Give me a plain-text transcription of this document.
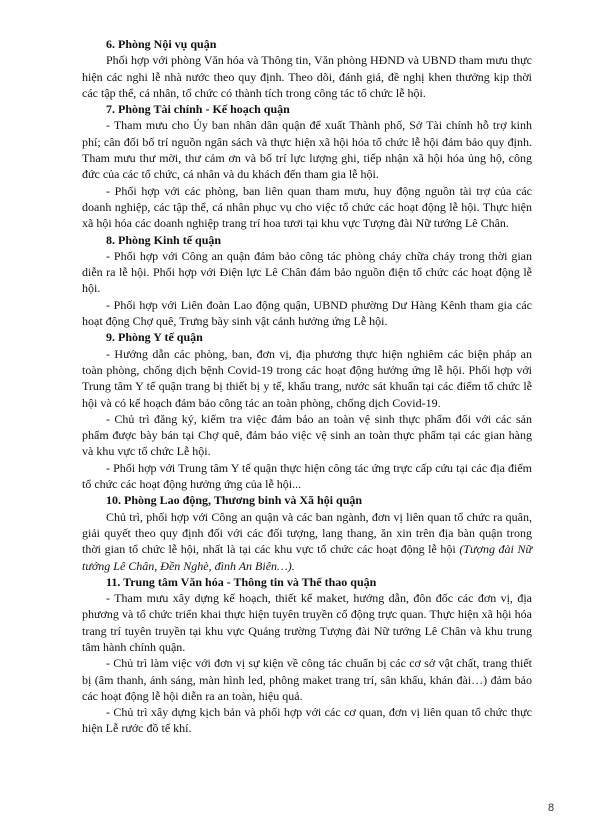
6. Phòng Nội vụ quận

Phối hợp với phòng Văn hóa và Thông tin, Văn phòng HĐND và UBND tham mưu thực hiện các nghi lễ nhà nước theo quy định. Theo dõi, đánh giá, đề nghị khen thưởng kịp thời các tập thể, cá nhân, tổ chức có thành tích trong công tác tổ chức lễ hội.

7. Phòng Tài chính - Kế hoạch quận

- Tham mưu cho Ủy ban nhân dân quận để xuất Thành phố, Sở Tài chính hỗ trợ kinh phí; cân đối bố trí nguồn ngân sách và thực hiện xã hội hóa tổ chức lễ hội đảm bảo quy định. Tham mưu thư mời, thư cảm ơn và bố trí lực lượng ghi, tiếp nhận xã hội hóa ủng hộ, công đức của các tổ chức, cá nhân và du khách đến tham gia lễ hội.

- Phối hợp với các phòng, ban liên quan tham mưu, huy động nguồn tài trợ của các doanh nghiệp, các tập thể, cá nhân phục vụ cho việc tổ chức các hoạt động lễ hội. Thực hiện xã hội hóa các doanh nghiệp trang trí hoa tươi tại khu vực Tượng đài Nữ tướng Lê Chân.

8. Phòng Kinh tế quận

- Phối hợp với Công an quận đảm bảo công tác phòng cháy chữa cháy trong thời gian diễn ra lễ hội. Phối hợp với Điện lực Lê Chân đảm bảo nguồn điện tổ chức các hoạt động lễ hội.

- Phối hợp với Liên đoàn Lao động quận, UBND phường Dư Hàng Kênh tham gia các hoạt động Chợ quê, Trưng bày sinh vật cảnh hưởng ứng Lễ hội.

9. Phòng Y tế quận

- Hướng dẫn các phòng, ban, đơn vị, địa phương thực hiện nghiêm các biện pháp an toàn phòng, chống dịch bệnh Covid-19 trong các hoạt động hưởng ứng lễ hội. Phối hợp với Trung tâm Y tế quận trang bị thiết bị y tế, khẩu trang, nước sát khuẩn tại các điểm tổ chức lễ hội và có kế hoạch đảm bảo công tác an toàn phòng, chống dịch Covid-19.

- Chủ trì đăng ký, kiểm tra việc đảm bảo an toàn vệ sinh thực phẩm đối với các sản phẩm được bày bán tại Chợ quê, đảm bảo việc vệ sinh an toàn thực phẩm tại các gian hàng và khu vực tổ chức Lễ hội.

- Phối hợp với Trung tâm Y tế quận thực hiện công tác ứng trực cấp cứu tại các địa điểm tổ chức các hoạt động hưởng ứng của lễ hội...

10. Phòng Lao động, Thương binh và Xã hội quận

Chủ trì, phối hợp với Công an quận và các ban ngành, đơn vị liên quan tổ chức ra quân, giải quyết theo quy định đối với các đối tượng, lang thang, ăn xin trên địa bàn quận trong thời gian tổ chức lễ hội, nhất là tại các khu vực tổ chức các hoạt động lễ hội (Tượng đài Nữ tướng Lê Chân, Đền Nghè, đình An Biên…).

11. Trung tâm Văn hóa - Thông tin và Thể thao quận

- Tham mưu xây dựng kế hoạch, thiết kế maket, hướng dẫn, đôn đốc các đơn vị, địa phương và tổ chức triển khai thực hiện tuyên truyền cổ động trực quan. Thực hiện xã hội hóa trang trí tuyên truyền tại khu vực Quảng trường Tượng đài Nữ tướng Lê Chân và khu trung tâm hành chính quận.

- Chủ trì làm việc với đơn vị sự kiện về công tác chuẩn bị các cơ sở vật chất, trang thiết bị (âm thanh, ánh sáng, màn hình led, phông maket trang trí, sân khấu, khán đài…) đảm bảo các hoạt động lễ hội diễn ra an toàn, hiệu quả.

- Chủ trì xây dựng kịch bản và phối hợp với các cơ quan, đơn vị liên quan tổ chức thực hiện Lễ rước đồ tế khí.

8
